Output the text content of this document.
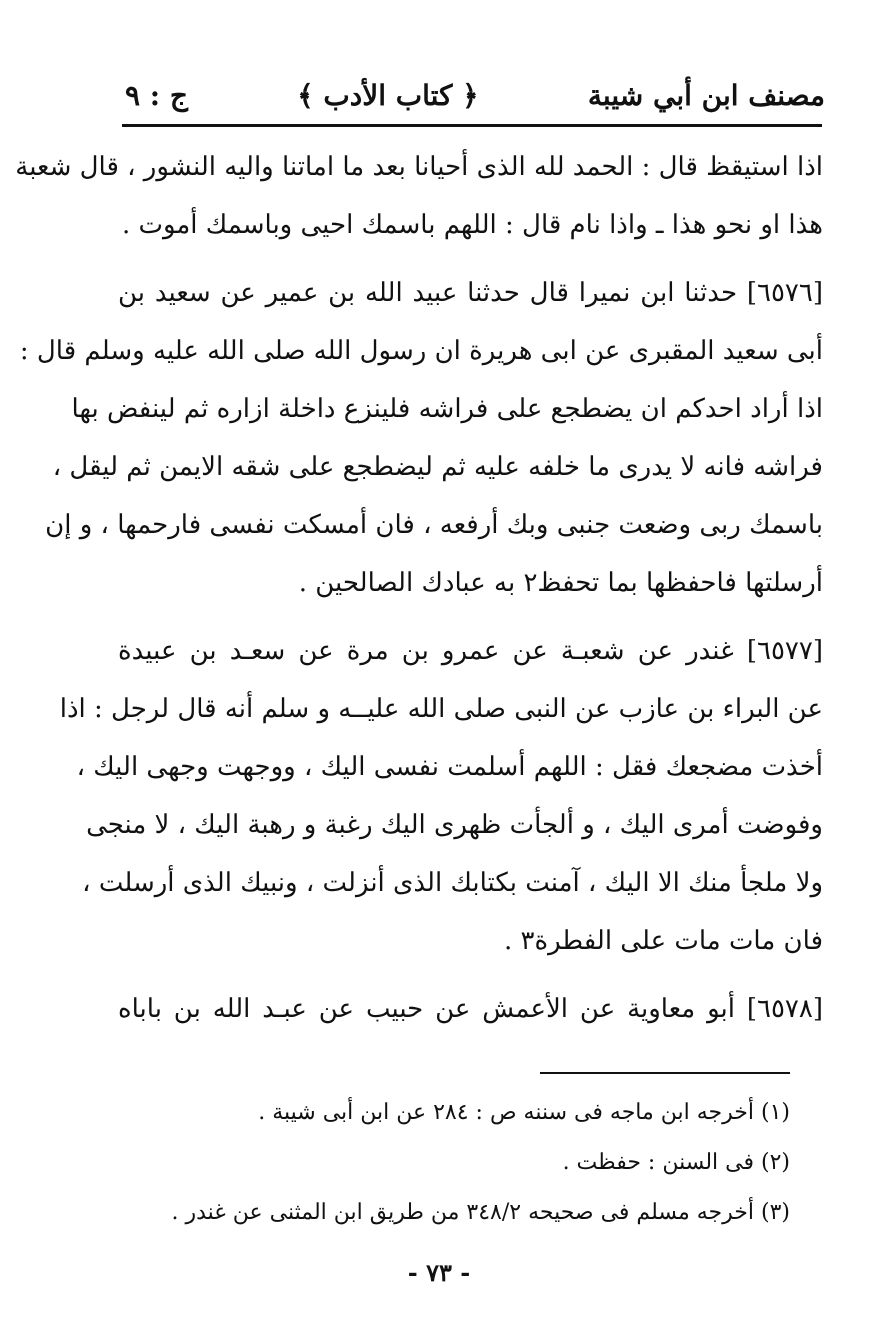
مصنف ابن أبي شيبة
﴿ كتاب الأدب ﴾
ج : ٩
اذا استيقظ قال : الحمد لله الذى أحيانا بعد ما اماتنا واليه النشور ، قال شعبة
هذا او نحو هذا ـ واذا نام قال : اللهم باسمك احيى وباسمك أموت .
[٦٥٧٦] حدثنا ابن نميرا قال حدثنا عبيد الله بن عمير عن سعيد بن
أبى سعيد المقبرى عن ابى هريرة ان رسول الله صلى الله عليه وسلم قال :
اذا أراد احدكم ان يضطجع على فراشه فلينزع داخلة ازاره ثم لينفض بها
فراشه فانه لا يدرى ما خلفه عليه ثم ليضطجع على شقه الايمن ثم ليقل ،
باسمك ربى وضعت جنبى وبك أرفعه ، فان أمسكت نفسى فارحمها ، و إن
أرسلتها فاحفظها بما تحفظ٢ به عبادك الصالحين .
[٦٥٧٧] غندر عن شعبـة عن عمرو بن مرة عن سعـد بن عبيدة
عن البراء بن عازب عن النبى صلى الله عليــه و سلم أنه قال لرجل : اذا
أخذت مضجعك فقل : اللهم أسلمت نفسى اليك ، ووجهت وجهى اليك ،
وفوضت أمرى اليك ، و ألجأت ظهرى اليك رغبة و رهبة اليك ، لا منجى
ولا ملجأ منك الا اليك ، آمنت بكتابك الذى أنزلت ، ونبيك الذى أرسلت ،
فان مات مات على الفطرة٣ .
[٦٥٧٨] أبو معاوية عن الأعمش عن حبيب عن عبـد الله بن باباه
(١) أخرجه ابن ماجه فى سننه ص : ٢٨٤ عن ابن أبى شيبة .
(٢) فى السنن : حفظت .
(٣) أخرجه مسلم فى صحيحه ٣٤٨/٢ من طريق ابن المثنى عن غندر .
- ٧٣ -
